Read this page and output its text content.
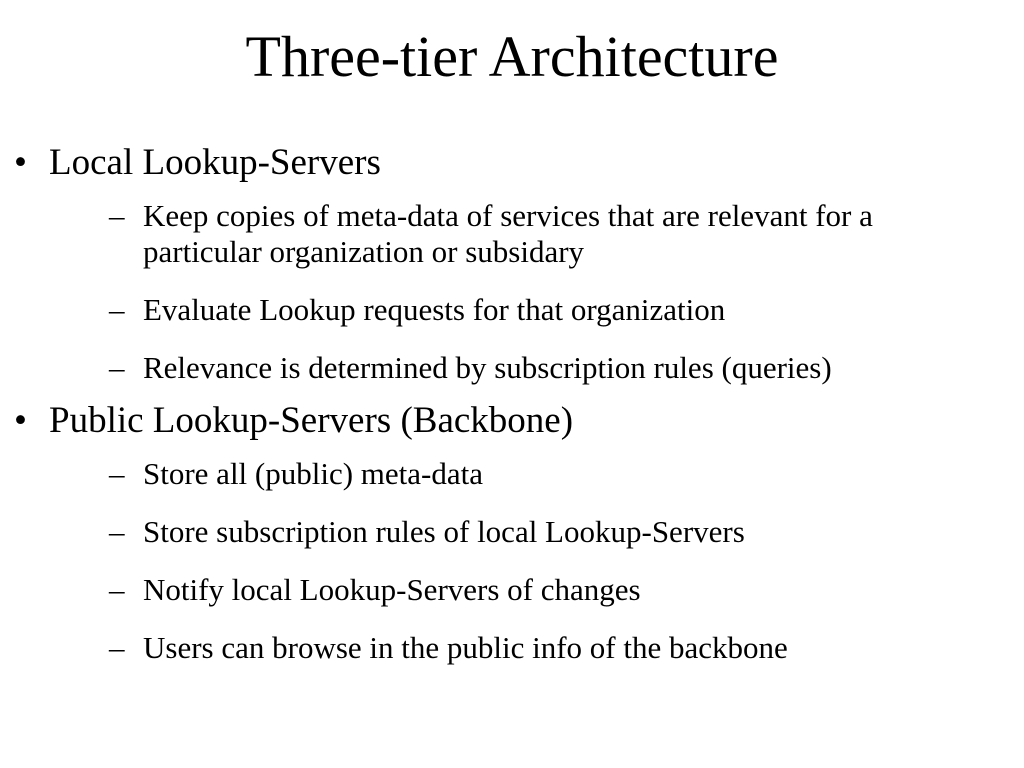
Three-tier Architecture
• Local Lookup-Servers
– Keep copies of meta-data of services that are relevant for a particular organization or subsidary
– Evaluate Lookup requests for that organization
– Relevance is determined by subscription rules (queries)
• Public Lookup-Servers (Backbone)
– Store all (public) meta-data
– Store subscription rules of local Lookup-Servers
– Notify local Lookup-Servers of changes
– Users can browse in the public info of the backbone
